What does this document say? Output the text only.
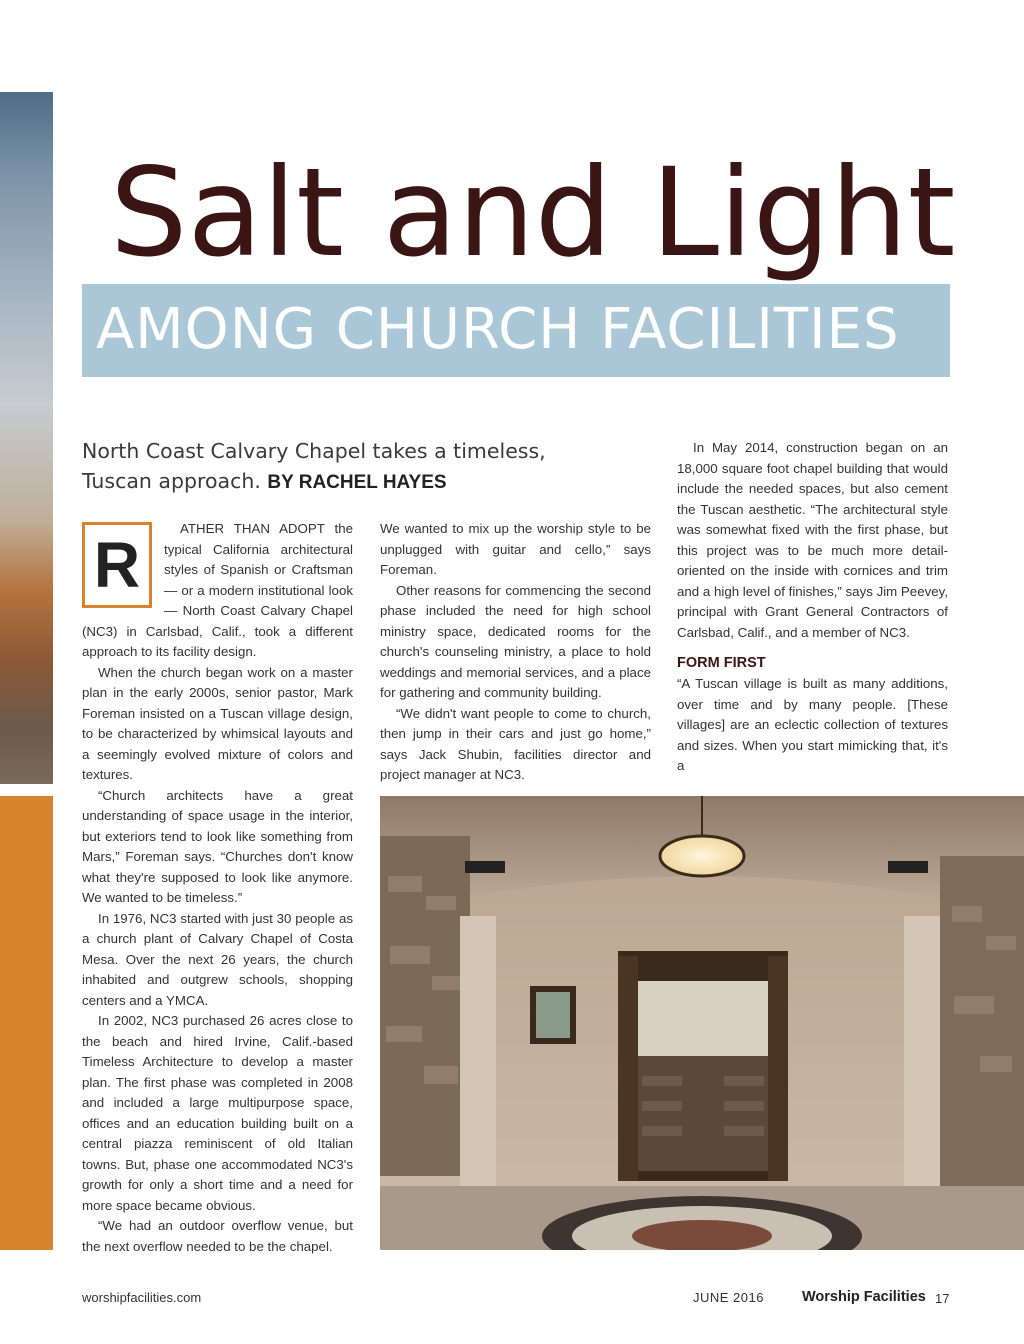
Salt and Light
AMONG CHURCH FACILITIES

North Coast Calvary Chapel takes a timeless, Tuscan approach. BY RACHEL HAYES

R

ATHER THAN ADOPT the typical California architectural styles of Spanish or Craftsman — or a modern institutional look — North Coast Calvary Chapel (NC3) in Carlsbad, Calif., took a different approach to its facility design.

When the church began work on a master plan in the early 2000s, senior pastor, Mark Foreman insisted on a Tuscan village design, to be characterized by whimsical layouts and a seemingly evolved mixture of colors and textures.

“Church architects have a great understanding of space usage in the interior, but exteriors tend to look like something from Mars,” Foreman says. “Churches don't know what they're supposed to look like anymore. We wanted to be timeless.”

In 1976, NC3 started with just 30 people as a church plant of Calvary Chapel of Costa Mesa. Over the next 26 years, the church inhabited and outgrew schools, shopping centers and a YMCA.

In 2002, NC3 purchased 26 acres close to the beach and hired Irvine, Calif.-based Timeless Architecture to develop a master plan. The first phase was completed in 2008 and included a large multipurpose space, offices and an education building built on a central piazza reminiscent of old Italian towns. But, phase one accommodated NC3's growth for only a short time and a need for more space became obvious.

“We had an outdoor overflow venue, but the next overflow needed to be the chapel.

We wanted to mix up the worship style to be unplugged with guitar and cello,” says Foreman.

Other reasons for commencing the second phase included the need for high school ministry space, dedicated rooms for the church's counseling ministry, a place to hold weddings and memorial services, and a place for gathering and community building.

“We didn't want people to come to church, then jump in their cars and just go home,” says Jack Shubin, facilities director and project manager at NC3.

In May 2014, construction began on an 18,000 square foot chapel building that would include the needed spaces, but also cement the Tuscan aesthetic. “The architectural style was somewhat fixed with the first phase, but this project was to be much more detail-oriented on the inside with cornices and trim and a high level of finishes,” says Jim Peevey, principal with Grant General Contractors of Carlsbad, Calif., and a member of NC3.

FORM FIRST

“A Tuscan village is built as many additions, over time and by many people. [These villages] are an eclectic collection of textures and sizes. When you start mimicking that, it's a

worshipfacilities.com	JUNE 2016	Worship Facilities 17
